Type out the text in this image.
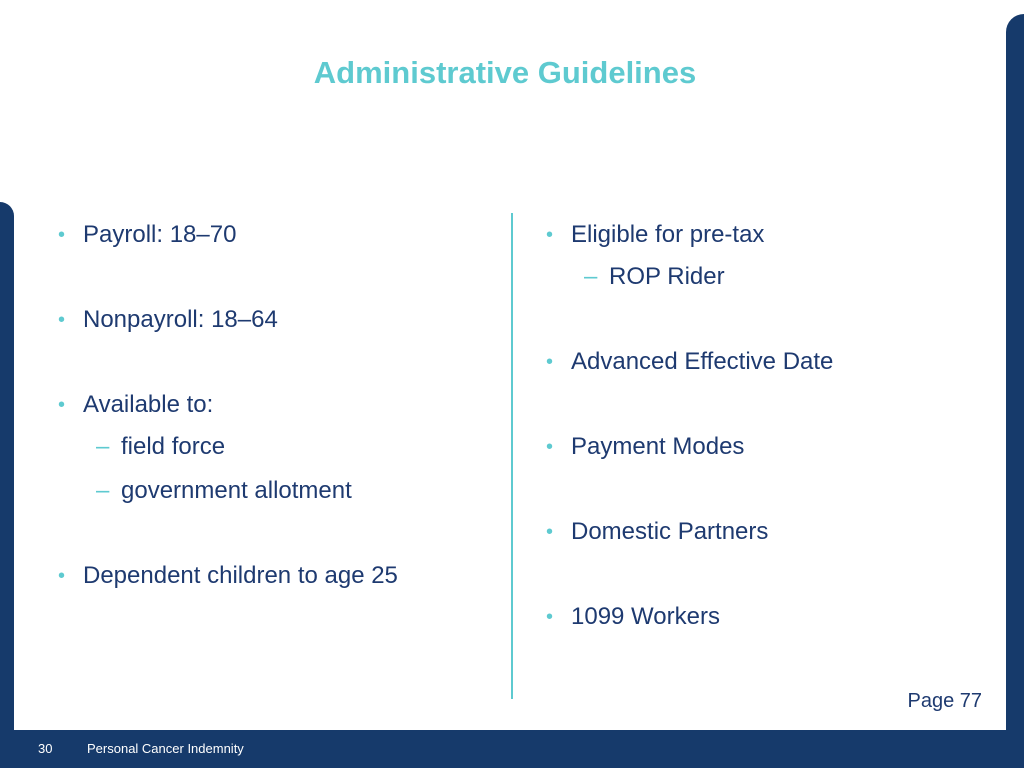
Administrative Guidelines
• Payroll: 18–70
• Nonpayroll: 18–64
• Available to:
– field force
– government allotment
• Dependent children to age 25
• Eligible for pre-tax
– ROP Rider
• Advanced Effective Date
• Payment Modes
• Domestic Partners
• 1099 Workers
Page 77
30	Personal Cancer Indemnity
